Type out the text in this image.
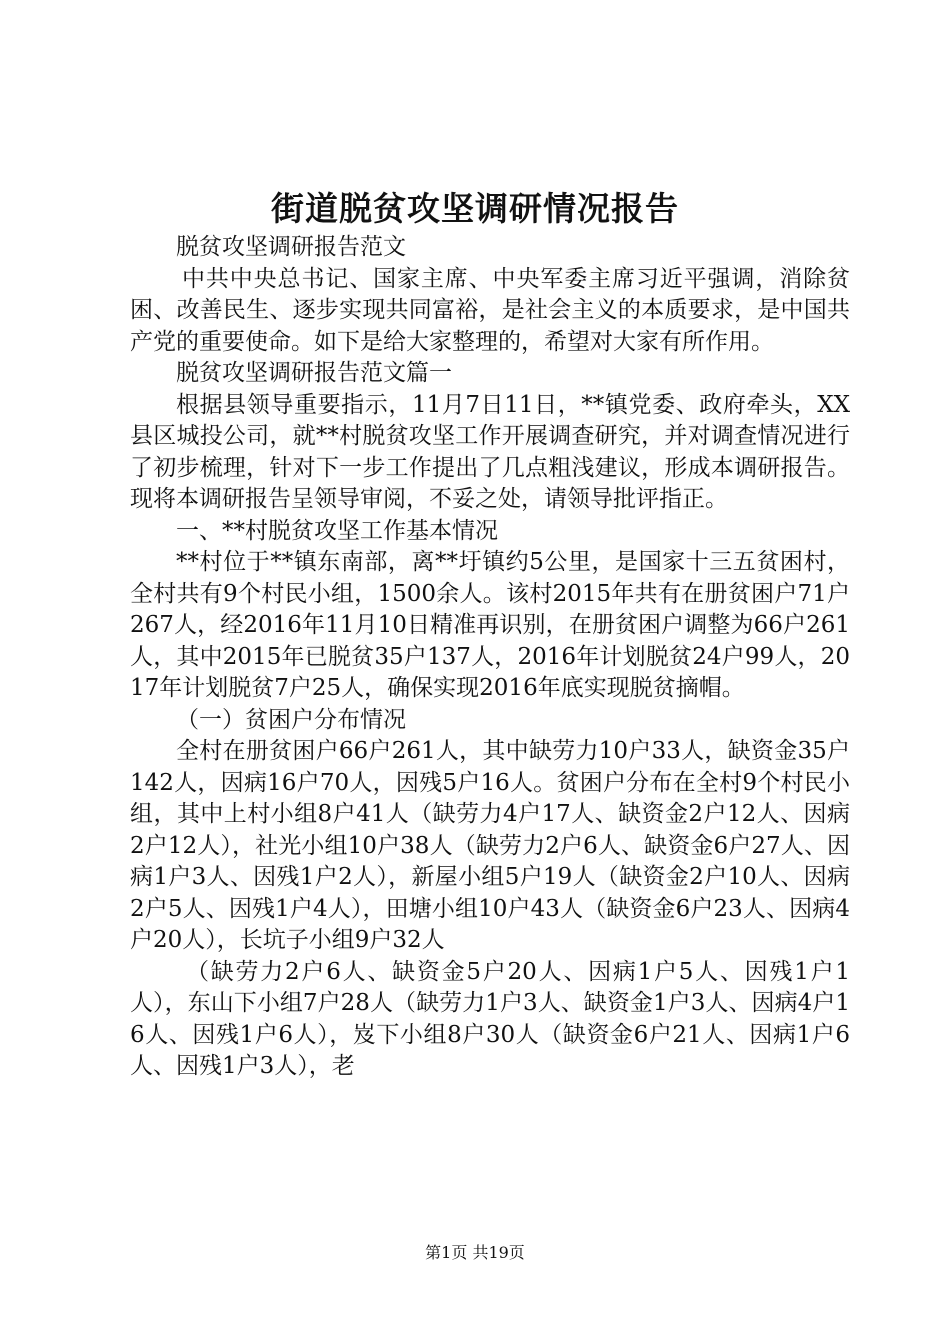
街道脱贫攻坚调研情况报告

脱贫攻坚调研报告范文

中共中央总书记、国家主席、中央军委主席习近平强调，消除贫困、改善民生、逐步实现共同富裕，是社会主义的本质要求，是中国共产党的重要使命。如下是给大家整理的，希望对大家有所作用。

脱贫攻坚调研报告范文篇一

根据县领导重要指示，11月7日11日，**镇党委、政府牵头，XX县区城投公司，就**村脱贫攻坚工作开展调查研究，并对调查情况进行了初步梳理，针对下一步工作提出了几点粗浅建议，形成本调研报告。现将本调研报告呈领导审阅，不妥之处，请领导批评指正。

一、**村脱贫攻坚工作基本情况

**村位于**镇东南部，离**圩镇约5公里，是国家十三五贫困村，全村共有9个村民小组，1500余人。该村2015年共有在册贫困户71户267人，经2016年11月10日精准再识别，在册贫困户调整为66户261人，其中2015年已脱贫35户137人，2016年计划脱贫24户99人，2017年计划脱贫7户25人，确保实现2016年底实现脱贫摘帽。

（一）贫困户分布情况

全村在册贫困户66户261人，其中缺劳力10户33人，缺资金35户142人，因病16户70人，因残5户16人。贫困户分布在全村9个村民小组，其中上村小组8户41人（缺劳力4户17人、缺资金2户12人、因病2户12人），社光小组10户38人（缺劳力2户6人、缺资金6户27人、因病1户3人、因残1户2人），新屋小组5户19人（缺资金2户10人、因病2户5人、因残1户4人），田塘小组10户43人（缺资金6户23人、因病4户20人），长坑子小组9户32人

（缺劳力2户6人、缺资金5户20人、因病1户5人、因残1户1人），东山下小组7户28人（缺劳力1户3人、缺资金1户3人、因病4户16人、因残1户6人），岌下小组8户30人（缺资金6户21人、因病1户6人、因残1户3人），老

第1页 共19页
